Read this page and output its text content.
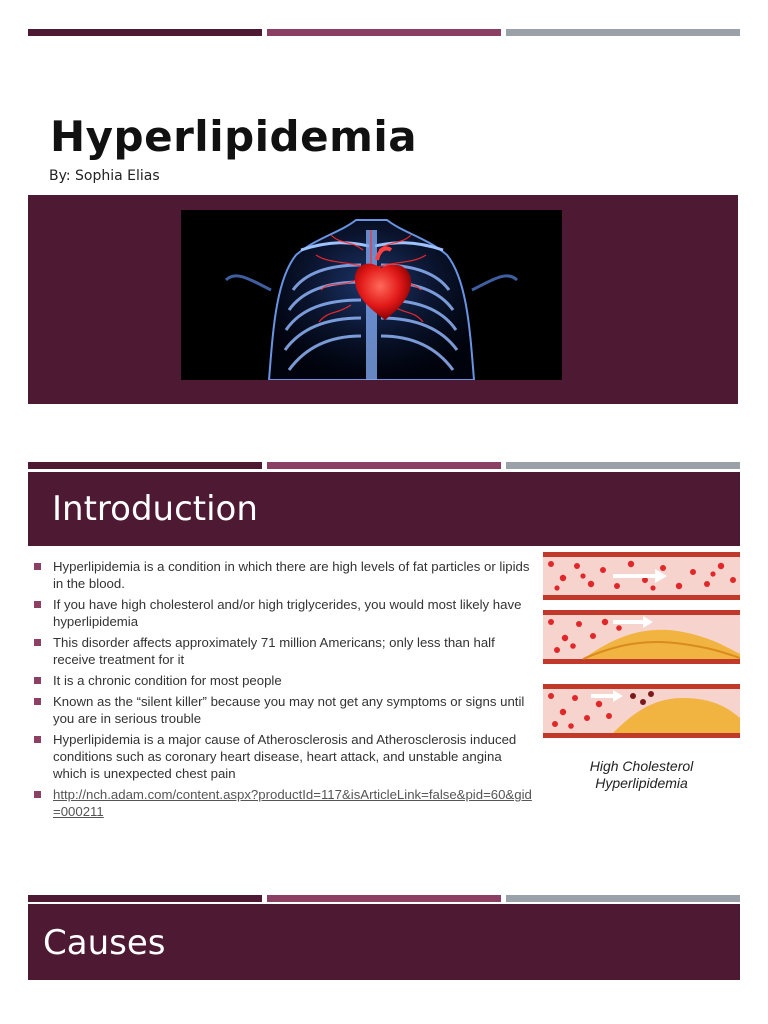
Hyperlipidemia
By: Sophia Elias
Introduction
Hyperlipidemia is a condition in which there are high levels of fat particles or lipids in the blood.
If you have high cholesterol and/or high triglycerides, you would most likely have hyperlipidemia
This disorder affects approximately 71 million Americans; only less than half receive treatment for it
It is a chronic condition for most people
Known as the “silent killer” because you may not get any symptoms or signs until you are in serious trouble
Hyperlipidemia is a major cause of Atherosclerosis and Atherosclerosis induced conditions such as coronary heart disease, heart attack, and unstable angina which is unexpected chest pain
http://nch.adam.com/content.aspx?productId=117&isArticleLink=false&pid=60&gid=000211
High Cholesterol
Hyperlipidemia
Causes
